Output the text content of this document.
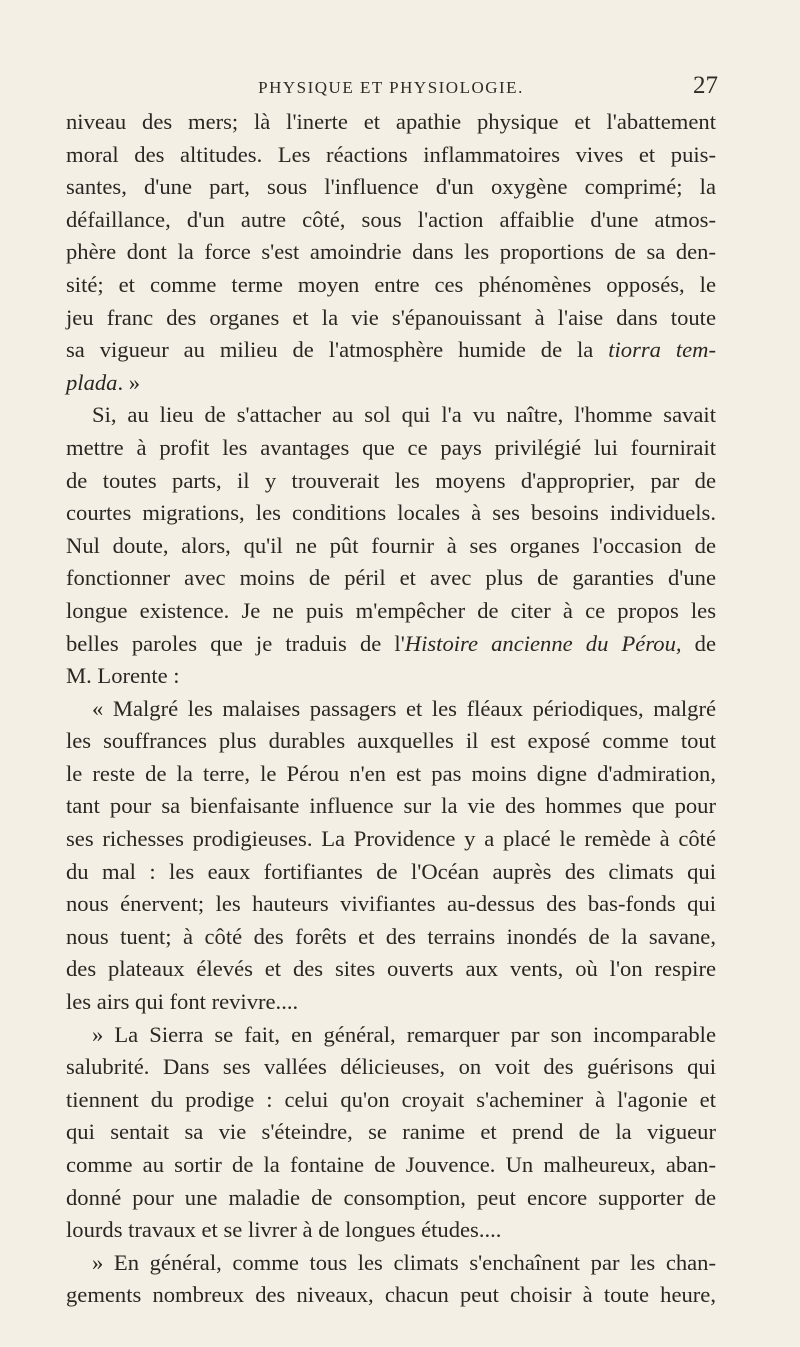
PHYSIQUE ET PHYSIOLOGIE.	27
niveau des mers; là l'inerte et apathie physique et l'abattement
moral des altitudes. Les réactions inflammatoires vives et puis-
santes, d'une part, sous l'influence d'un oxygène comprimé; la
défaillance, d'un autre côté, sous l'action affaiblie d'une atmos-
phère dont la force s'est amoindrie dans les proportions de sa den-
sité; et comme terme moyen entre ces phénomènes opposés, le
jeu franc des organes et la vie s'épanouissant à l'aise dans toute
sa vigueur au milieu de l'atmosphère humide de la tiorra tem-
plada. »
Si, au lieu de s'attacher au sol qui l'a vu naître, l'homme savait
mettre à profit les avantages que ce pays privilégié lui fournirait
de toutes parts, il y trouverait les moyens d'approprier, par de
courtes migrations, les conditions locales à ses besoins individuels.
Nul doute, alors, qu'il ne pût fournir à ses organes l'occasion de
fonctionner avec moins de péril et avec plus de garanties d'une
longue existence. Je ne puis m'empêcher de citer à ce propos les
belles paroles que je traduis de l'Histoire ancienne du Pérou, de
M. Lorente :
« Malgré les malaises passagers et les fléaux périodiques, malgré
les souffrances plus durables auxquelles il est exposé comme tout
le reste de la terre, le Pérou n'en est pas moins digne d'admiration,
tant pour sa bienfaisante influence sur la vie des hommes que pour
ses richesses prodigieuses. La Providence y a placé le remède à côté
du mal : les eaux fortifiantes de l'Océan auprès des climats qui
nous énervent; les hauteurs vivifiantes au-dessus des bas-fonds qui
nous tuent; à côté des forêts et des terrains inondés de la savane,
des plateaux élevés et des sites ouverts aux vents, où l'on respire
les airs qui font revivre....
» La Sierra se fait, en général, remarquer par son incomparable
salubrité. Dans ses vallées délicieuses, on voit des guérisons qui
tiennent du prodige : celui qu'on croyait s'acheminer à l'agonie et
qui sentait sa vie s'éteindre, se ranime et prend de la vigueur
comme au sortir de la fontaine de Jouvence. Un malheureux, aban-
donné pour une maladie de consomption, peut encore supporter de
lourds travaux et se livrer à de longues études....
» En général, comme tous les climats s'enchaînent par les chan-
gements nombreux des niveaux, chacun peut choisir à toute heure,
